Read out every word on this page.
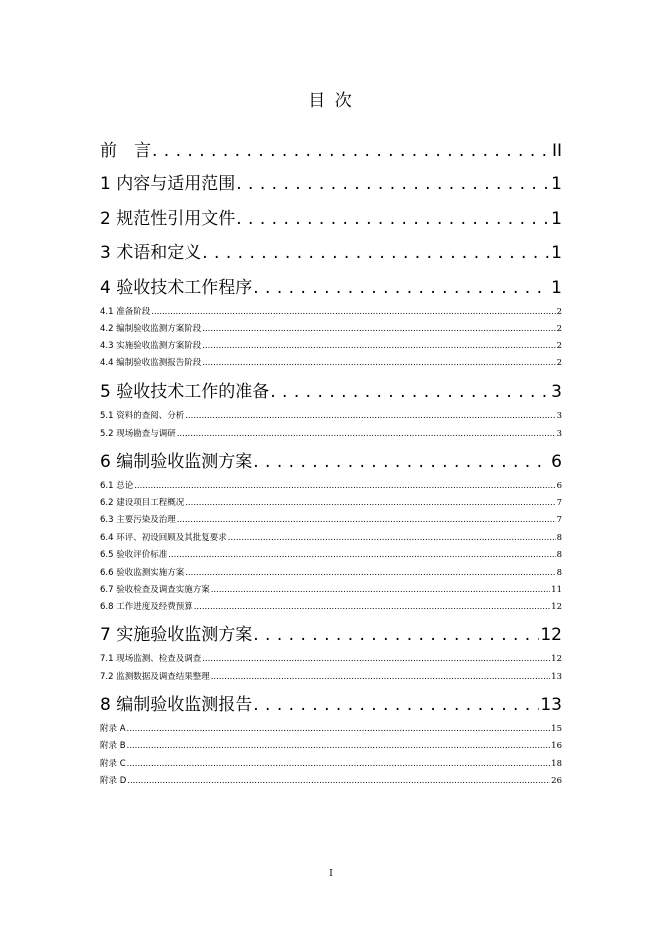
目 次
前　言 . . .	II
1 内容与适用范围 . . .	1
2 规范性引用文件 . . .	1
3 术语和定义 . . .	1
4 验收技术工作程序 . . .	1
4.1 准备阶段 .....	2
4.2 编制验收监测方案阶段 .....	2
4.3 实施验收监测方案阶段 .....	2
4.4 编制验收监测报告阶段 .....	2
5 验收技术工作的准备 . . .	3
5.1 资料的查阅、分析 .....	3
5.2 现场勘查与调研 .....	3
6 编制验收监测方案 . . .	6
6.1 总论 .....	6
6.2 建设项目工程概况 .....	7
6.3 主要污染及治理 .....	7
6.4 环评、初设回顾及其批复要求 .....	8
6.5 验收评价标准 .....	8
6.6 验收监测实施方案 .....	8
6.7 验收检查及调查实施方案 .....	11
6.8 工作进度及经费预算 .....	12
7 实施验收监测方案 . . .	12
7.1 现场监测、检查及调查 .....	12
7.2 监测数据及调查结果整理 .....	13
8 编制验收监测报告 . . .	13
附录 A .....	15
附录 B .....	16
附录 C .....	18
附录 D .....	26
I
